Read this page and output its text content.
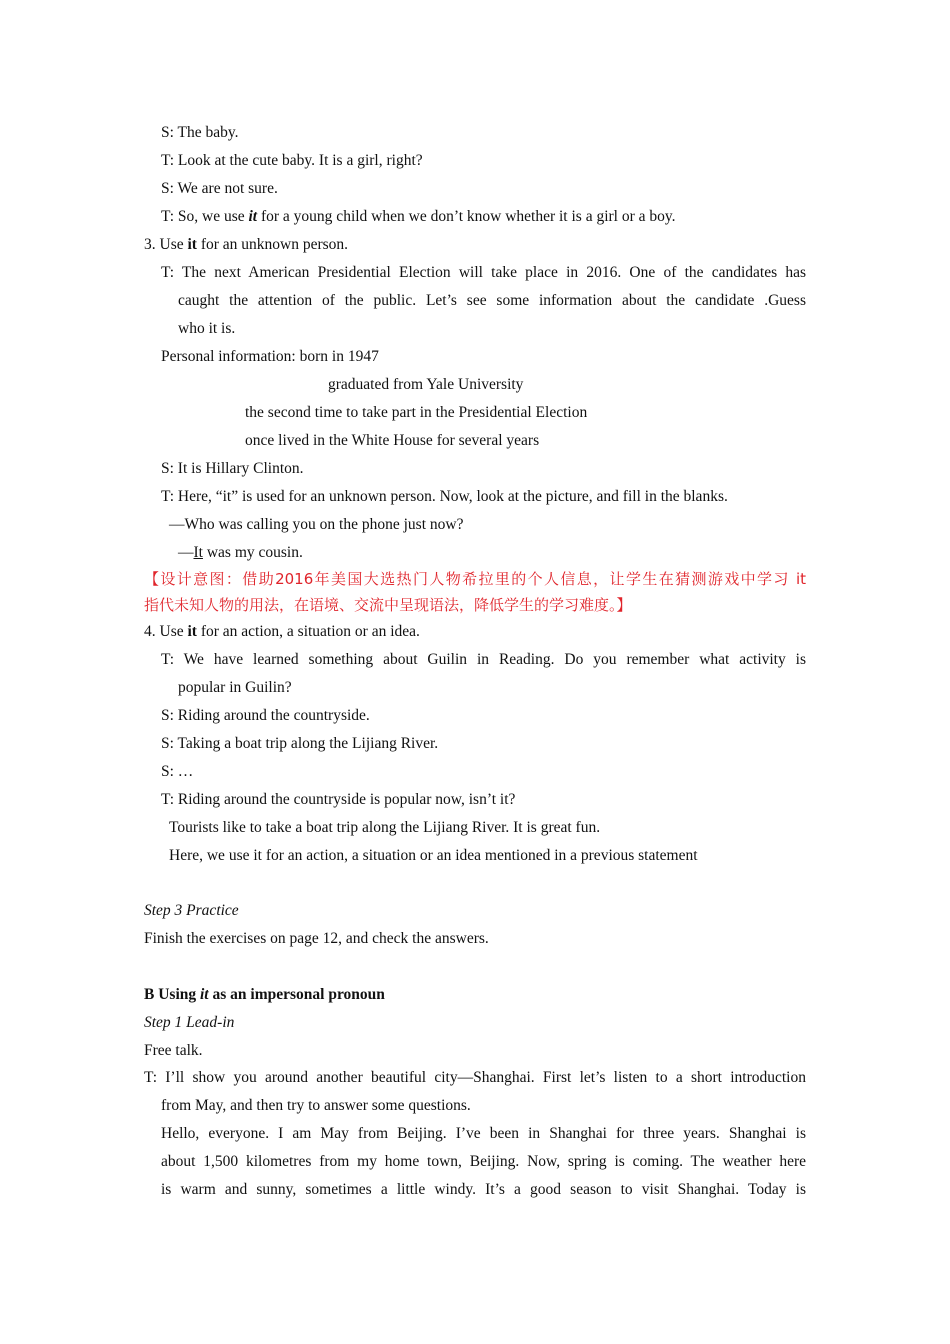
S: The baby.
T: Look at the cute baby. It is a girl, right?
S: We are not sure.
T: So, we use it for a young child when we don’t know whether it is a girl or a boy.
3. Use it for an unknown person.
T: The next American Presidential Election will take place in 2016. One of the candidates has
caught the attention of the public. Let’s see some information about the candidate .Guess
who it is.
Personal information: born in 1947
graduated from Yale University
the second time to take part in the Presidential Election
once lived in the White House for several years
S: It is Hillary Clinton.
T: Here, “it” is used for an unknown person. Now, look at the picture, and fill in the blanks.
—Who was calling you on the phone just now?
—It was my cousin.
【设计意图：借助2016年美国大选热门人物希拉里的个人信息，让学生在猜测游戏中学习 it
指代未知人物的用法，在语境、交流中呈现语法，降低学生的学习难度。】
4. Use it for an action, a situation or an idea.
T: We have learned something about Guilin in Reading. Do you remember what activity is
popular in Guilin?
S: Riding around the countryside.
S: Taking a boat trip along the Lijiang River.
S: …
T: Riding around the countryside is popular now, isn’t it?
Tourists like to take a boat trip along the Lijiang River. It is great fun.
Here, we use it for an action, a situation or an idea mentioned in a previous statement
Step 3 Practice
Finish the exercises on page 12, and check the answers.
B Using it as an impersonal pronoun
Step 1 Lead-in
Free talk.
T: I’ll show you around another beautiful city—Shanghai. First let’s listen to a short introduction
from May, and then try to answer some questions.
Hello, everyone. I am May from Beijing. I’ve been in Shanghai for three years. Shanghai is
about 1,500 kilometres from my home town, Beijing. Now, spring is coming. The weather here
is warm and sunny, sometimes a little windy. It’s a good season to visit Shanghai. Today is
